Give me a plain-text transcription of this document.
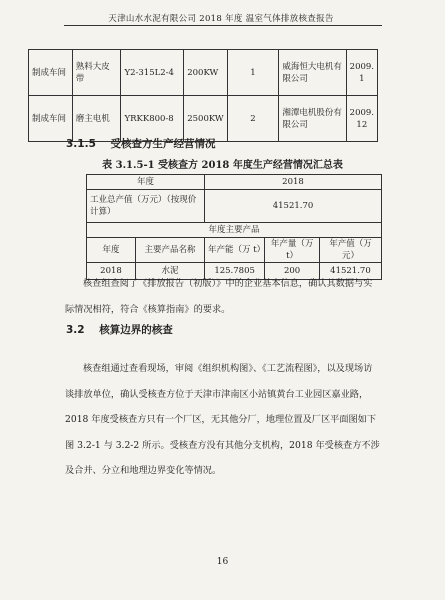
天津山水水泥有限公司 2018 年度 温室气体排放核查报告
制成车间	熟料大皮带	Y2-315L2-4	200KW	1	威海恒大电机有限公司	2009. 1
制成车间	磨主电机	YRKK800-8	2500KW	2	湘潭电机股份有限公司	2009. 12
3.1.5 受核查方生产经营情况
表 3.1.5-1 受核查方 2018 年度生产经营情况汇总表
年度		2018		
工业总产值（万元）（按现价计算）		41521.70		
年度主要产品				
年度	主要产品名称	年产能（万 t）	年产量（万 t）	年产值（万元）
2018	水泥	125.7805	200	41521.70

核查组查阅了《排放报告（初版）》中的企业基本信息，确认其数据与实际情况相符，符合《核算指南》的要求。

3.2 核算边界的核查

核查组通过查看现场，审阅《组织机构图》、《工艺流程图》，以及现场访谈排放单位，确认受核查方位于天津市津南区小站镇黄台工业园区嘉业路，2018 年度受核查方只有一个厂区，无其他分厂，地理位置及厂区平面图如下图 3.2-1 与 3.2-2 所示。受核查方没有其他分支机构，2018 年受核查方不涉及合并、分立和地理边界变化等情况。

16
